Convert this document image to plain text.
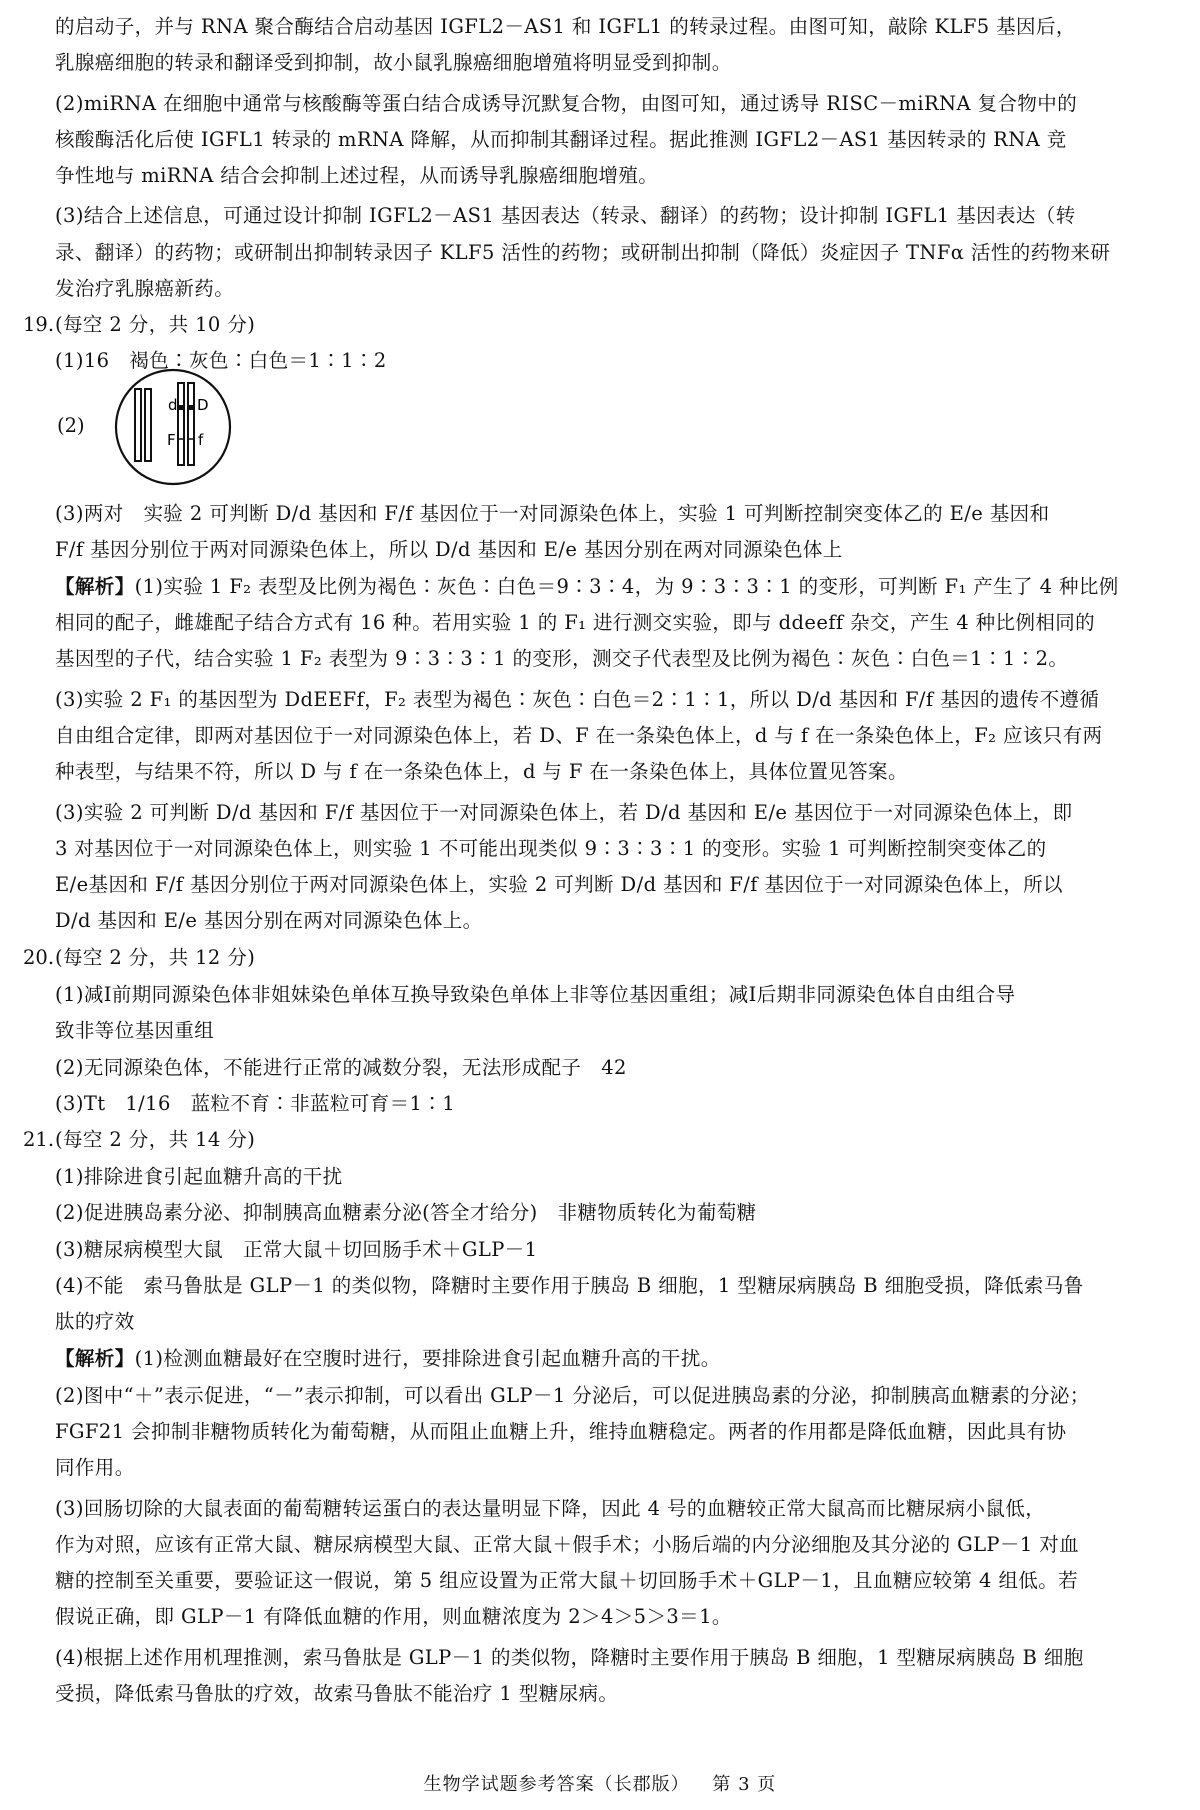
的启动子，并与 RNA 聚合酶结合启动基因 IGFL2－AS1 和 IGFL1 的转录过程。由图可知，敲除 KLF5 基因后，
乳腺癌细胞的转录和翻译受到抑制，故小鼠乳腺癌细胞增殖将明显受到抑制。
(2)miRNA 在细胞中通常与核酸酶等蛋白结合成诱导沉默复合物，由图可知，通过诱导 RISC－miRNA 复合物中的
核酸酶活化后使 IGFL1 转录的 mRNA 降解，从而抑制其翻译过程。据此推测 IGFL2－AS1 基因转录的 RNA 竞
争性地与 miRNA 结合会抑制上述过程，从而诱导乳腺癌细胞增殖。
(3)结合上述信息，可通过设计抑制 IGFL2－AS1 基因表达（转录、翻译）的药物；设计抑制 IGFL1 基因表达（转
录、翻译）的药物；或研制出抑制转录因子 KLF5 活性的药物；或研制出抑制（降低）炎症因子 TNFα 活性的药物来研
发治疗乳腺癌新药。
19. (每空 2 分，共 10 分)
(1)16　褐色∶灰色∶白色＝1∶1∶2
(2)
d D
F f
(3)两对　实验 2 可判断 D/d 基因和 F/f 基因位于一对同源染色体上，实验 1 可判断控制突变体乙的 E/e 基因和
F/f 基因分别位于两对同源染色体上，所以 D/d 基因和 E/e 基因分别在两对同源染色体上
【解析】(1)实验 1 F₂ 表型及比例为褐色∶灰色∶白色＝9∶3∶4，为 9∶3∶3∶1 的变形，可判断 F₁ 产生了 4 种比例
相同的配子，雌雄配子结合方式有 16 种。若用实验 1 的 F₁ 进行测交实验，即与 ddeeff 杂交，产生 4 种比例相同的
基因型的子代，结合实验 1 F₂ 表型为 9∶3∶3∶1 的变形，测交子代表型及比例为褐色∶灰色∶白色＝1∶1∶2。
(3)实验 2 F₁ 的基因型为 DdEEFf，F₂ 表型为褐色∶灰色∶白色＝2∶1∶1，所以 D/d 基因和 F/f 基因的遗传不遵循
自由组合定律，即两对基因位于一对同源染色体上，若 D、F 在一条染色体上，d 与 f 在一条染色体上，F₂ 应该只有两
种表型，与结果不符，所以 D 与 f 在一条染色体上，d 与 F 在一条染色体上，具体位置见答案。
(3)实验 2 可判断 D/d 基因和 F/f 基因位于一对同源染色体上，若 D/d 基因和 E/e 基因位于一对同源染色体上，即
3 对基因位于一对同源染色体上，则实验 1 不可能出现类似 9∶3∶3∶1 的变形。实验 1 可判断控制突变体乙的
E/e基因和 F/f 基因分别位于两对同源染色体上，实验 2 可判断 D/d 基因和 F/f 基因位于一对同源染色体上，所以
D/d 基因和 E/e 基因分别在两对同源染色体上。
20. (每空 2 分，共 12 分)
(1)减Ⅰ前期同源染色体非姐妹染色单体互换导致染色单体上非等位基因重组；减Ⅰ后期非同源染色体自由组合导
致非等位基因重组
(2)无同源染色体，不能进行正常的减数分裂，无法形成配子　42
(3)Tt　1/16　蓝粒不育∶非蓝粒可育＝1∶1
21. (每空 2 分，共 14 分)
(1)排除进食引起血糖升高的干扰
(2)促进胰岛素分泌、抑制胰高血糖素分泌(答全才给分)　非糖物质转化为葡萄糖
(3)糖尿病模型大鼠　正常大鼠＋切回肠手术＋GLP－1
(4)不能　索马鲁肽是 GLP－1 的类似物，降糖时主要作用于胰岛 B 细胞，1 型糖尿病胰岛 B 细胞受损，降低索马鲁
肽的疗效
【解析】(1)检测血糖最好在空腹时进行，要排除进食引起血糖升高的干扰。
(2)图中“＋”表示促进，“－”表示抑制，可以看出 GLP－1 分泌后，可以促进胰岛素的分泌，抑制胰高血糖素的分泌；
FGF21 会抑制非糖物质转化为葡萄糖，从而阻止血糖上升，维持血糖稳定。两者的作用都是降低血糖，因此具有协
同作用。
(3)回肠切除的大鼠表面的葡萄糖转运蛋白的表达量明显下降，因此 4 号的血糖较正常大鼠高而比糖尿病小鼠低，
作为对照，应该有正常大鼠、糖尿病模型大鼠、正常大鼠＋假手术；小肠后端的内分泌细胞及其分泌的 GLP－1 对血
糖的控制至关重要，要验证这一假说，第 5 组应设置为正常大鼠＋切回肠手术＋GLP－1，且血糖应较第 4 组低。若
假说正确，即 GLP－1 有降低血糖的作用，则血糖浓度为 2＞4＞5＞3＝1。
(4)根据上述作用机理推测，索马鲁肽是 GLP－1 的类似物，降糖时主要作用于胰岛 B 细胞，1 型糖尿病胰岛 B 细胞
受损，降低索马鲁肽的疗效，故索马鲁肽不能治疗 1 型糖尿病。
生物学试题参考答案（长郡版） 第 3 页
